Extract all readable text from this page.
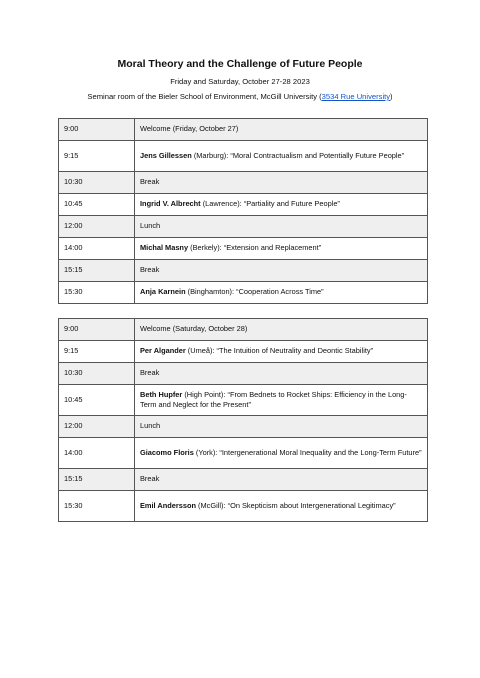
Moral Theory and the Challenge of Future People
Friday and Saturday, October 27-28 2023
Seminar room of the Bieler School of Environment, McGill University (3534 Rue University)
9:00	Welcome (Friday, October 27)
9:15	Jens Gillessen (Marburg): “Moral Contractualism and Potentially Future People”
10:30	Break
10:45	Ingrid V. Albrecht (Lawrence): “Partiality and Future People”
12:00	Lunch
14:00	Michal Masny (Berkely): “Extension and Replacement”
15:15	Break
15:30	Anja Karnein (Binghamton): “Cooperation Across Time”
9:00	Welcome (Saturday, October 28)
9:15	Per Algander (Umeå): “The Intuition of Neutrality and Deontic Stability”
10:30	Break
10:45	Beth Hupfer (High Point): “From Bednets to Rocket Ships: Efficiency in the Long-Term and Neglect for the Present”
12:00	Lunch
14:00	Giacomo Floris (York): “Intergenerational Moral Inequality and the Long-Term Future”
15:15	Break
15:30	Emil Andersson (McGill): “On Skepticism about Intergenerational Legitimacy”
